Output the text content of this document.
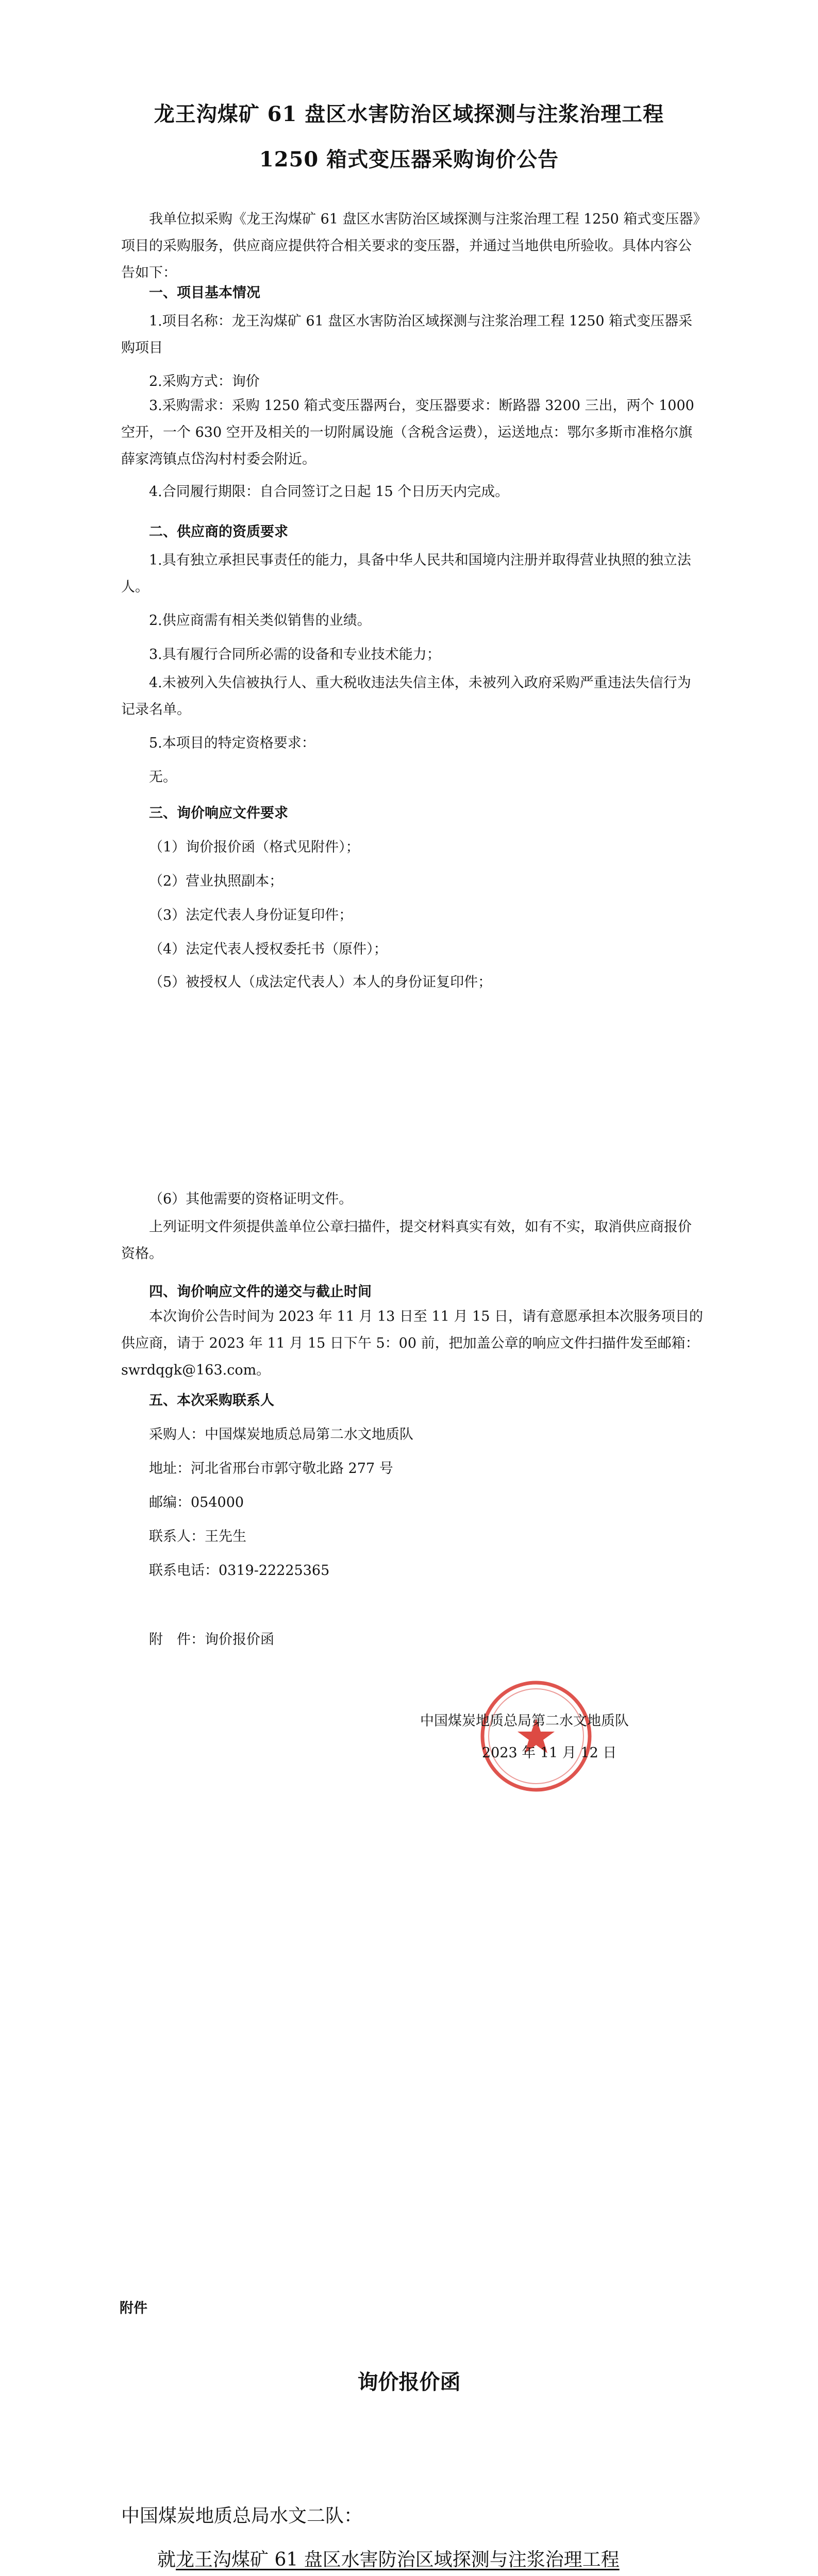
龙王沟煤矿 61 盘区水害防治区域探测与注浆治理工程
1250 箱式变压器采购询价公告

我单位拟采购《龙王沟煤矿 61 盘区水害防治区域探测与注浆治理工程 1250 箱式变压器》项目的采购服务，供应商应提供符合相关要求的变压器，并通过当地供电所验收。具体内容公告如下：

一、项目基本情况

1.项目名称：龙王沟煤矿 61 盘区水害防治区域探测与注浆治理工程 1250 箱式变压器采购项目

2.采购方式：询价

3.采购需求：采购 1250 箱式变压器两台，变压器要求：断路器 3200 三出，两个 1000 空开，一个 630 空开及相关的一切附属设施（含税含运费），运送地点：鄂尔多斯市准格尔旗薛家湾镇点岱沟村村委会附近。

4.合同履行期限：自合同签订之日起 15 个日历天内完成。
二、供应商的资质要求

1.具有独立承担民事责任的能力，具备中华人民共和国境内注册并取得营业执照的独立法人。

2.供应商需有相关类似销售的业绩。
3.具有履行合同所必需的设备和专业技术能力；

4.未被列入失信被执行人、重大税收违法失信主体，未被列入政府采购严重违法失信行为记录名单。

5.本项目的特定资格要求：
无。
三、询价响应文件要求
（1）询价报价函（格式见附件）；
（2）营业执照副本；
（3）法定代表人身份证复印件；
（4）法定代表人授权委托书（原件）；
（5）被授权人（成法定代表人）本人的身份证复印件；
（6）其他需要的资格证明文件。

上列证明文件须提供盖单位公章扫描件，提交材料真实有效，如有不实，取消供应商报价资格。

四、询价响应文件的递交与截止时间

本次询价公告时间为 2023 年 11 月 13 日至 11 月 15 日，请有意愿承担本次服务项目的供应商，请于 2023 年 11 月 15 日下午 5：00 前，把加盖公章的响应文件扫描件发至邮箱：swrdqgk@163.com。

五、本次采购联系人
采购人：中国煤炭地质总局第二水文地质队
地址：河北省邢台市郭守敬北路 277 号
邮编：054000
联系人：王先生
联系电话：0319-22225365
附　件：询价报价函
中国煤炭地质总局第二水文地质队
2023 年 11 月 12 日
附件
询价报价函
中国煤炭地质总局水文二队：
就龙王沟煤矿 61 盘区水害防治区域探测与注浆治理工程
